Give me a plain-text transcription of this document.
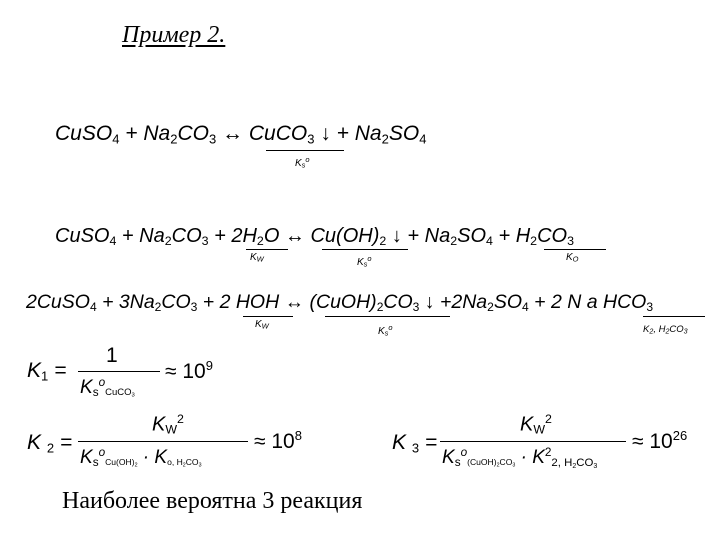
Пример 2.
CuSO$_4$ + $Na_2CO_3$ ↔ CuCO$_3$ ↓ + $Na_2SO_4$
$K_s^o$
CuSO$_4$ + $Na_2CO_3 + 2H_2O$ ↔ $Cu(OH)_2$ ↓ + $Na_2SO_4 + H_2CO_3$
$K_W$	$K_s^o$	$K_O$
2CuSO$_4$ + $3Na_2CO_3 + 2$ HOH ↔ $(CuOH)_2CO_3$ ↓ $+2Na_2SO_4 + 2$ N a $HCO_3$
$K_W$	$K_s^o$	$K_2$, $H_2CO_3$
$K_1$ =
1
$K_s^o_{CuCO_3}$
≈ $10^9$
K $_2$ =
$K_W^2$
$K_s^o_{Cu(OH)_2} \cdot K_{o, H_2CO_3}$
≈ $10^8$	K $_3$ =
$K_W^2$
$K_s^o_{(CuOH)_2CO_3} \cdot K^2_{2, H_2CO_3}$
≈ $10^{26}$
Наиболее вероятна 3 реакция
